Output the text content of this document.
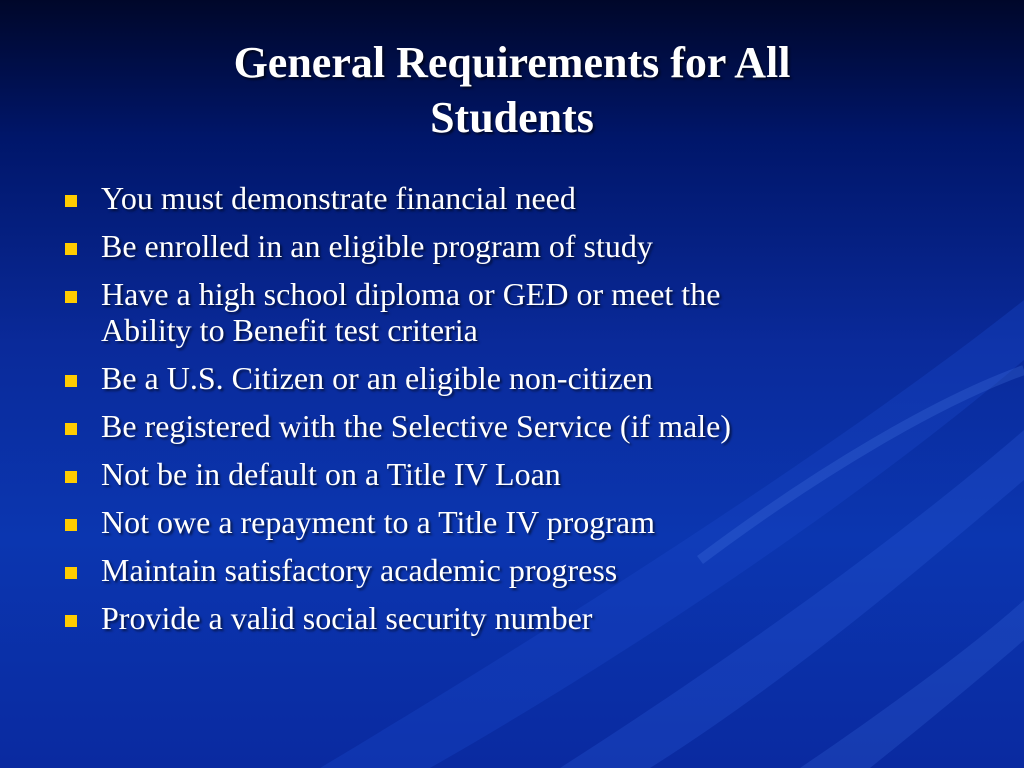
General Requirements for All
Students
You must demonstrate financial need
Be enrolled in an eligible program of study
Have a high school diploma or GED or meet the
Ability to Benefit test criteria
Be a U.S. Citizen or an eligible non-citizen
Be registered with the Selective Service (if male)
Not be in default on a Title IV Loan
Not owe a repayment to a Title IV program
Maintain satisfactory academic progress
Provide a valid social security number
